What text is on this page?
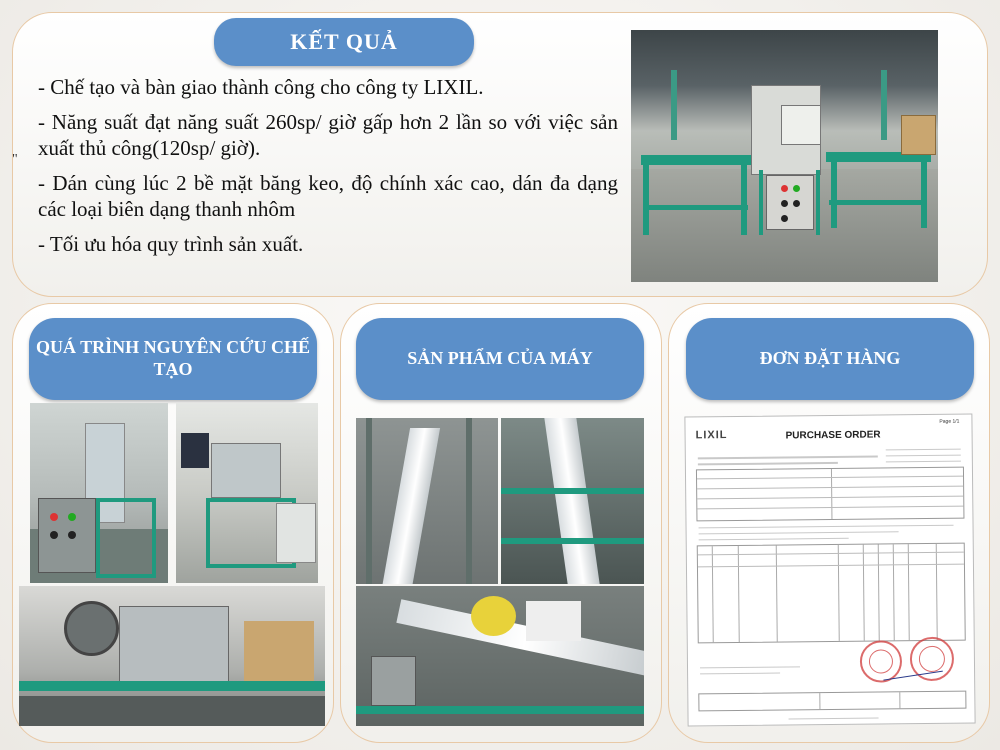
KẾT QUẢ
"

- Chế tạo và bàn giao thành công cho công ty LIXIL.

- Năng suất đạt năng suất 260sp/ giờ gấp hơn 2 lần so với việc sản xuất thủ công(120sp/ giờ).

- Dán cùng lúc 2 bề mặt băng keo, độ chính xác cao, dán đa dạng các loại biên dạng thanh nhôm

- Tối ưu hóa quy trình sản xuất.

QUÁ TRÌNH NGUYÊN CỨU CHẾ TẠO
SẢN PHẨM CỦA MÁY	ĐƠN ĐẶT HÀNG
Page 1/1
LIXIL	PURCHASE ORDER
